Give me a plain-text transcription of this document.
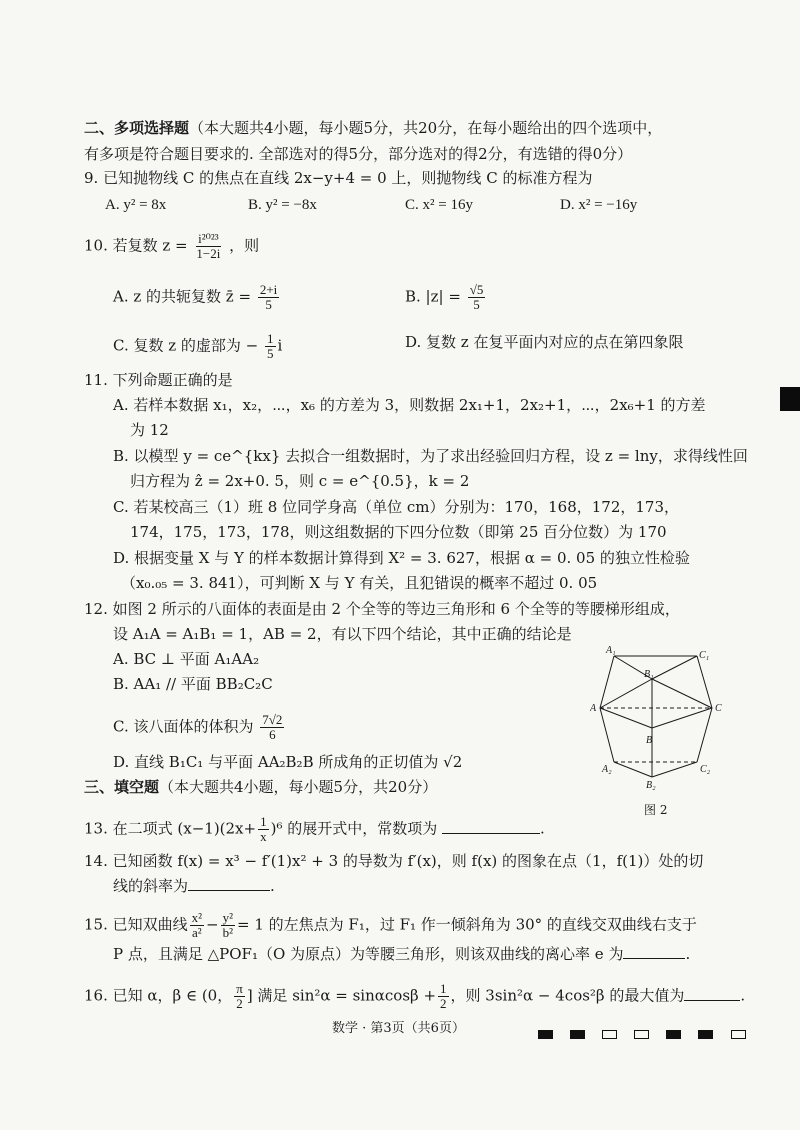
二、多项选择题（本大题共4小题，每小题5分，共20分，在每小题给出的四个选项中，
有多项是符合题目要求的. 全部选对的得5分，部分选对的得2分，有选错的得0分）
9. 已知抛物线 C 的焦点在直线 2x−y+4 = 0 上，则抛物线 C 的标准方程为
A. y² = 8x	B. y² = −8x	C. x² = 16y	D. x² = −16y
10. 若复数 $z = \frac{\text{i²⁰²³}}{1-2i}$ ，则
A. z 的共轭复数 z̄ = $\frac{2+i}{5}$	B. $|z| = \frac{√5}{5}$
C. 复数 z 的虚部为 − $\frac{1}{5}$ i	D. 复数 z 在复平面内对应的点在第四象限
11. 下列命题正确的是
A. 若样本数据 x₁，x₂，⋯，x₆ 的方差为 3，则数据 2x₁+1，2x₂+1，⋯，2x₆+1 的方差
为 12
B. 以模型 y = ce^{kx} 去拟合一组数据时，为了求出经验回归方程，设 z = lny，求得线性回
归方程为 ẑ = 2x+0. 5，则 c = e^{0.5}，k = 2
C. 若某校高三（1）班 8 位同学身高（单位 cm）分别为：170，168，172，173，
174，175，173，178，则这组数据的下四分位数（即第 25 百分位数）为 170
D. 根据变量 X 与 Y 的样本数据计算得到 X² = 3. 627，根据 α = 0. 05 的独立性检验
（x₀.₀₅ = 3. 841），可判断 X 与 Y 有关，且犯错误的概率不超过 0. 05
12. 如图 2 所示的八面体的表面是由 2 个全等的等边三角形和 6 个全等的等腰梯形组成，
设 A₁A = A₁B₁ = 1，AB = 2，有以下四个结论，其中正确的结论是
A. BC ⊥ 平面 A₁AA₂
B. AA₁ // 平面 BB₂C₂C
C. 该八面体的体积为 $\frac{7√2}{6}$
D. 直线 B₁C₁ 与平面 AA₂B₂B 所成角的正切值为 √2
A₁	C₁
B₁
A	C
B
A₂	C₂
B₂
图 2
三、填空题（本大题共4小题，每小题5分，共20分）
13. 在二项式 $(x-1)(2x+ \frac{1}{x} )^6$ 的展开式中，常数项为	.
14. 已知函数 f(x) = x³ − f′(1)x² + 3 的导数为 f′(x)，则 f(x) 的图象在点（1，f(1)）处的切
线的斜率为	.
15. 已知双曲线 $\frac{\text{x²}}{\text{a²}} - \frac{\text{y²}}{\text{b²}} = 1$ 的左焦点为 F₁，过 F₁ 作一倾斜角为 30° 的直线交双曲线右支于
P 点，且满足 △POF₁（O 为原点）为等腰三角形，则该双曲线的离心率 e 为	.
16. 已知 α，β ∈ (0， $\frac{\pi}{2}$ ] 满足 $\sin^2\alpha = \sin\alpha\cos\beta + \frac{1}{2}$ ，则 3sin²α − 4cos²β 的最大值为	.
数学 · 第3页（共6页）
